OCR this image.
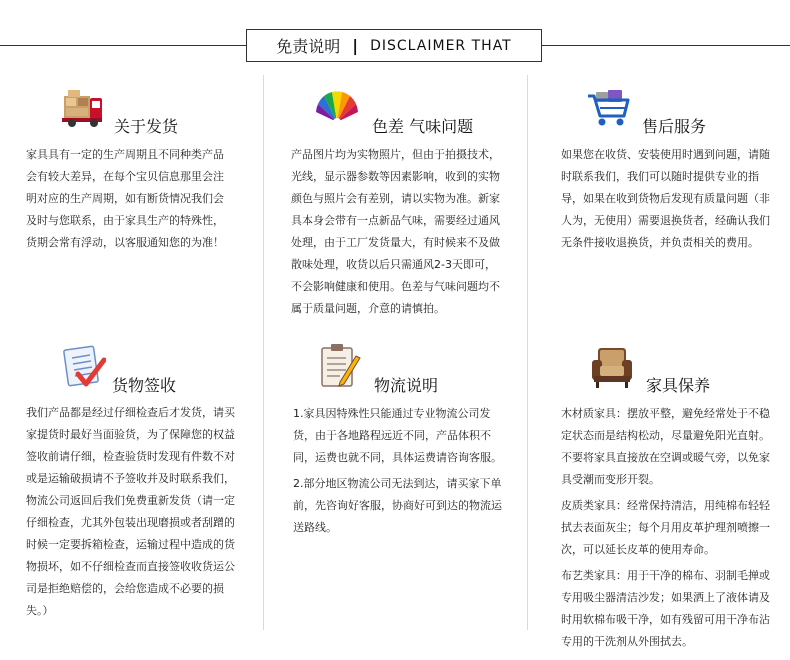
免责说明 | DISCLAIMER THAT
关于发货

家具具有一定的生产周期且不同种类产品会有较大差异，在每个宝贝信息那里会注明对应的生产周期，如有断货情况我们会及时与您联系，由于家具生产的特殊性，货期会常有浮动，以客服通知您的为准！

色差 气味问题

产品图片均为实物照片，但由于拍摄技术，光线，显示器参数等因素影响，收到的实物颜色与照片会有差别，请以实物为准。新家具本身会带有一点新品气味，需要经过通风处理，由于工厂发货量大，有时候来不及做散味处理，收货以后只需通风2-3天即可，不会影响健康和使用。色差与气味问题均不属于质量问题，介意的请慎拍。

售后服务

如果您在收货、安装使用时遇到问题，请随时联系我们，我们可以随时提供专业的指导，如果在收到货物后发现有质量问题（非人为，无使用）需要退换货者，经确认我们无条件接收退换货，并负责相关的费用。

货物签收

我们产品都是经过仔细检查后才发货，请买家提货时最好当面验货，为了保障您的权益签收前请仔细，检查验货时发现有件数不对或是运输破损请不予签收并及时联系我们，物流公司返回后我们免费重新发货（请一定仔细检查，尤其外包装出现磨损或者刮蹭的时候一定要拆箱检查，运输过程中造成的货物损坏，如不仔细检查而直接签收收货运公司是拒绝赔偿的，会给您造成不必要的损失。）

物流说明

1.家具因特殊性只能通过专业物流公司发货，由于各地路程远近不同，产品体积不同，运费也就不同，具体运费请咨询客服。

2.部分地区物流公司无法到达，请买家下单前，先咨询好客服，协商好可到达的物流运送路线。

家具保养

木材质家具：摆放平整，避免经常处于不稳定状态而是结构松动，尽量避免阳光直射。不要将家具直接放在空调或暖气旁，以免家具受潮而变形开裂。

皮质类家具：经常保持清洁，用纯棉布轻轻拭去表面灰尘；每个月用皮革护理剂喷擦一次，可以延长皮革的使用寿命。

布艺类家具：用于干净的棉布、羽制毛掸或专用吸尘器清洁沙发；如果洒上了液体请及时用软棉布吸干净，如有残留可用干净布沾专用的干洗剂从外围拭去。
